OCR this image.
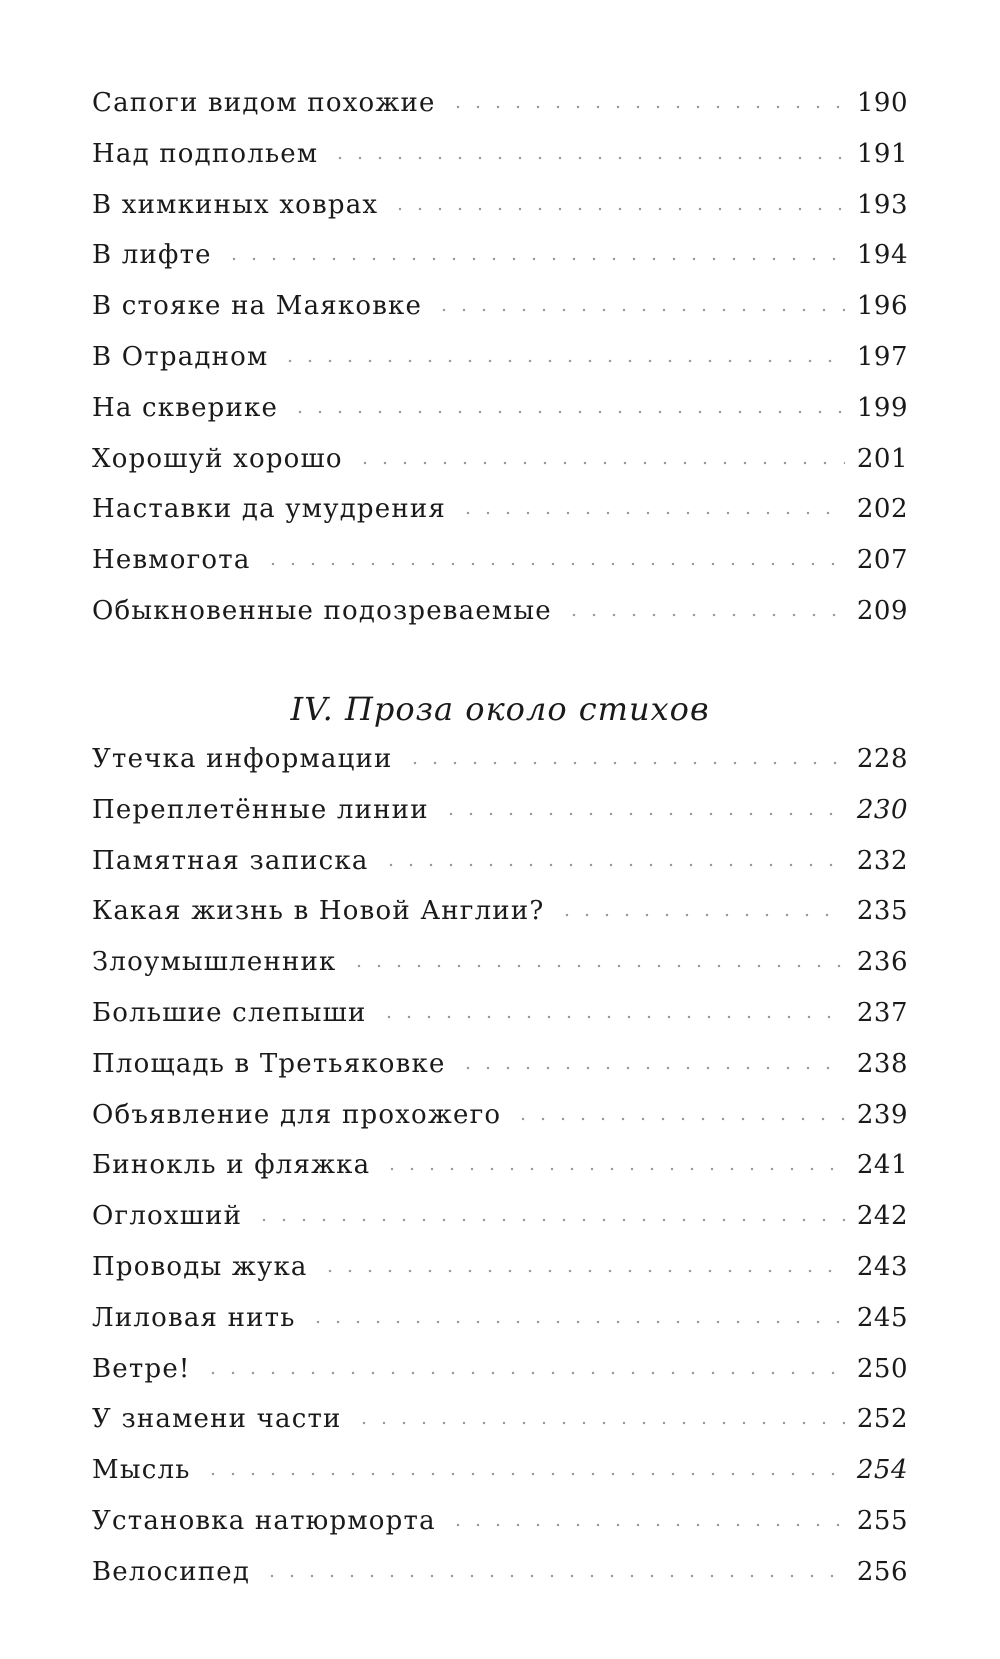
Сапоги видом похожие	190
Над подпольем	191
В химкиных ховрах	193
В лифте	194
В стояке на Маяковке	196
В Отрадном	197
На скверике	199
Хорошуй хорошо	201
Наставки да умудрения	202
Невмогота	207
Обыкновенные подозреваемые	209
IV. Проза около стихов
Утечка информации	228
Переплетённые линии	230
Памятная записка	232
Какая жизнь в Новой Англии?	235
Злоумышленник	236
Большие слепыши	237
Площадь в Третьяковке	238
Объявление для прохожего	239
Бинокль и фляжка	241
Оглохший	242
Проводы жука	243
Лиловая нить	245
Ветре!	250
У знамени части	252
Мысль	254
Установка натюрморта	255
Велосипед	256
